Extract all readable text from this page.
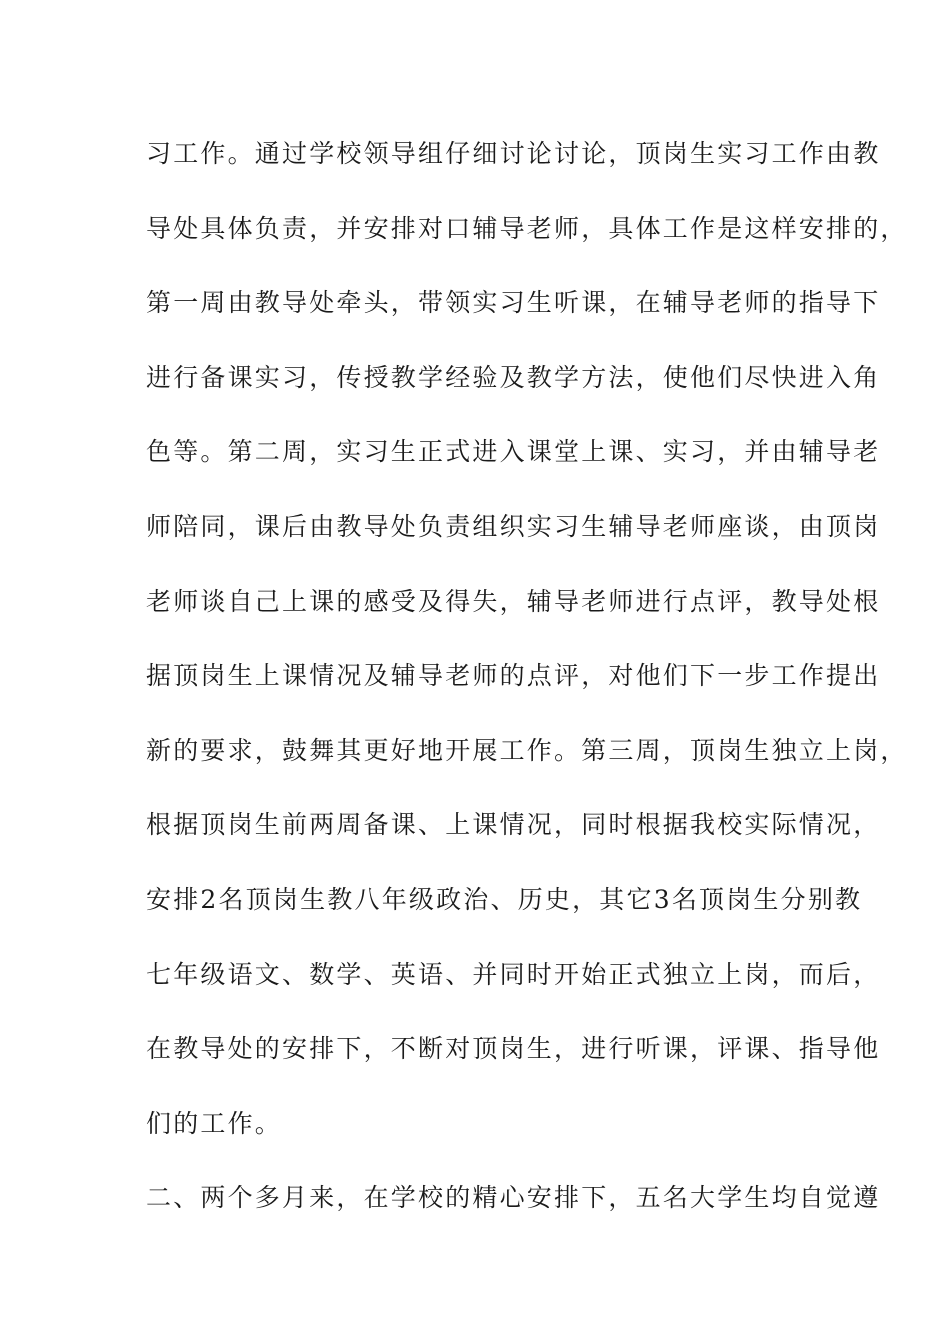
习工作。通过学校领导组仔细讨论讨论，顶岗生实习工作由教

导处具体负责，并安排对口辅导老师，具体工作是这样安排的，

第一周由教导处牵头，带领实习生听课，在辅导老师的指导下

进行备课实习，传授教学经验及教学方法，使他们尽快进入角

色等。第二周，实习生正式进入课堂上课、实习，并由辅导老

师陪同，课后由教导处负责组织实习生辅导老师座谈，由顶岗

老师谈自己上课的感受及得失，辅导老师进行点评，教导处根

据顶岗生上课情况及辅导老师的点评，对他们下一步工作提出

新的要求，鼓舞其更好地开展工作。第三周，顶岗生独立上岗，

根据顶岗生前两周备课、上课情况，同时根据我校实际情况，

安排2名顶岗生教八年级政治、历史，其它3名顶岗生分别教

七年级语文、数学、英语、并同时开始正式独立上岗，而后，

在教导处的安排下，不断对顶岗生，进行听课，评课、指导他

们的工作。

二、两个多月来，在学校的精心安排下，五名大学生均自觉遵
